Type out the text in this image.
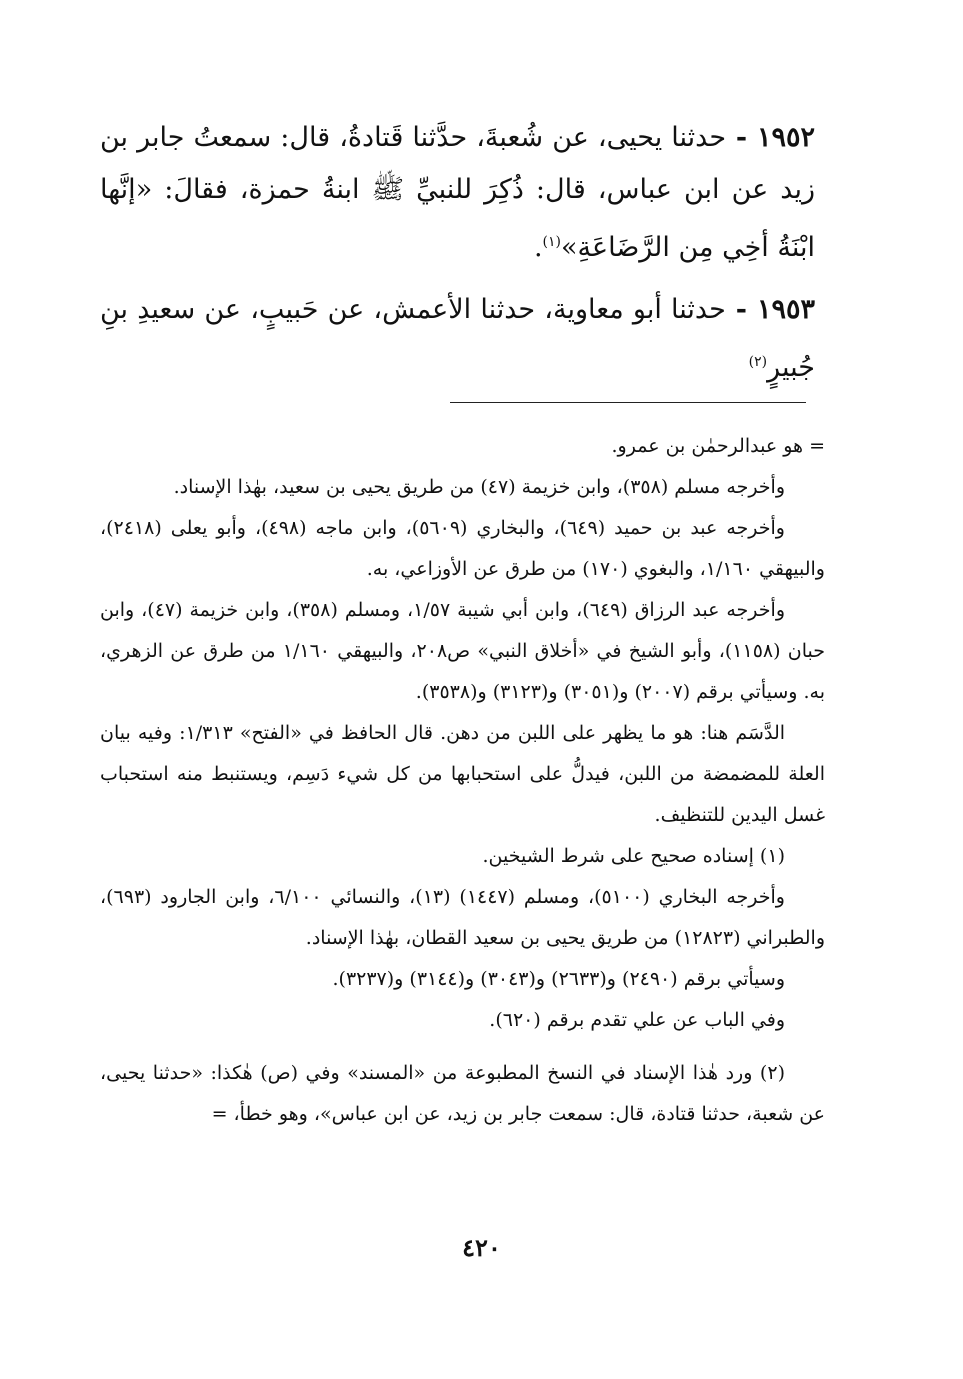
١٩٥٢ - حدثنا يحيى، عن شُعبةَ، حدَّثنا قَتادةُ، قال: سمعتُ جابر بن زيد عن ابن عباس، قال: ذُكِرَ للنبيِّ ﷺ ابنةُ حمزة، فقالَ: «إنَّها ابْنَةُ أخِي مِن الرَّضَاعَةِ»$^{(١)}$.

١٩٥٣ - حدثنا أبو معاوية، حدثنا الأعمش، عن حَبيبٍ، عن سعيدِ بنِ جُبيرٍ$^{(٢)}$

= هو عبدالرحمٰن بن عمرو.

وأخرجه مسلم (٣٥٨)، وابن خزيمة (٤٧) من طريق يحيى بن سعيد، بهٰذا الإسناد.

وأخرجه عبد بن حميد (٦٤٩)، والبخاري (٥٦٠٩)، وابن ماجه (٤٩٨)، وأبو يعلى (٢٤١٨)، والبيهقي ١/١٦٠، والبغوي (١٧٠) من طرق عن الأوزاعي، به.

وأخرجه عبد الرزاق (٦٤٩)، وابن أبي شيبة ١/٥٧، ومسلم (٣٥٨)، وابن خزيمة (٤٧)، وابن حبان (١١٥٨)، وأبو الشيخ في «أخلاق النبي» ص٢٠٨، والبيهقي ١/١٦٠ من طرق عن الزهري، به. وسيأتي برقم (٢٠٠٧) و(٣٠٥١) و(٣١٢٣) و(٣٥٣٨).

الدَّسَم هنا: هو ما يظهر على اللبن من دهن. قال الحافظ في «الفتح» ١/٣١٣: وفيه بيان العلة للمضمضة من اللبن، فيدلُّ على استحبابها من كل شيء دَسِم، ويستنبط منه استحباب غسل اليدين للتنظيف.

(١) إسناده صحيح على شرط الشيخين.

وأخرجه البخاري (٥١٠٠)، ومسلم (١٤٤٧) (١٣)، والنسائي ٦/١٠٠، وابن الجارود (٦٩٣)، والطبراني (١٢٨٢٣) من طريق يحيى بن سعيد القطان، بهٰذا الإسناد.

وسيأتي برقم (٢٤٩٠) و(٢٦٣٣) و(٣٠٤٣) و(٣١٤٤) و(٣٢٣٧).

وفي الباب عن علي تقدم برقم (٦٢٠).

(٢) ورد هٰذا الإسناد في النسخ المطبوعة من «المسند» وفي (ص) هٰكذا: «حدثنا يحيى، عن شعبة، حدثنا قتادة، قال: سمعت جابر بن زيد، عن ابن عباس»، وهو خطأ، =

٤٢٠
